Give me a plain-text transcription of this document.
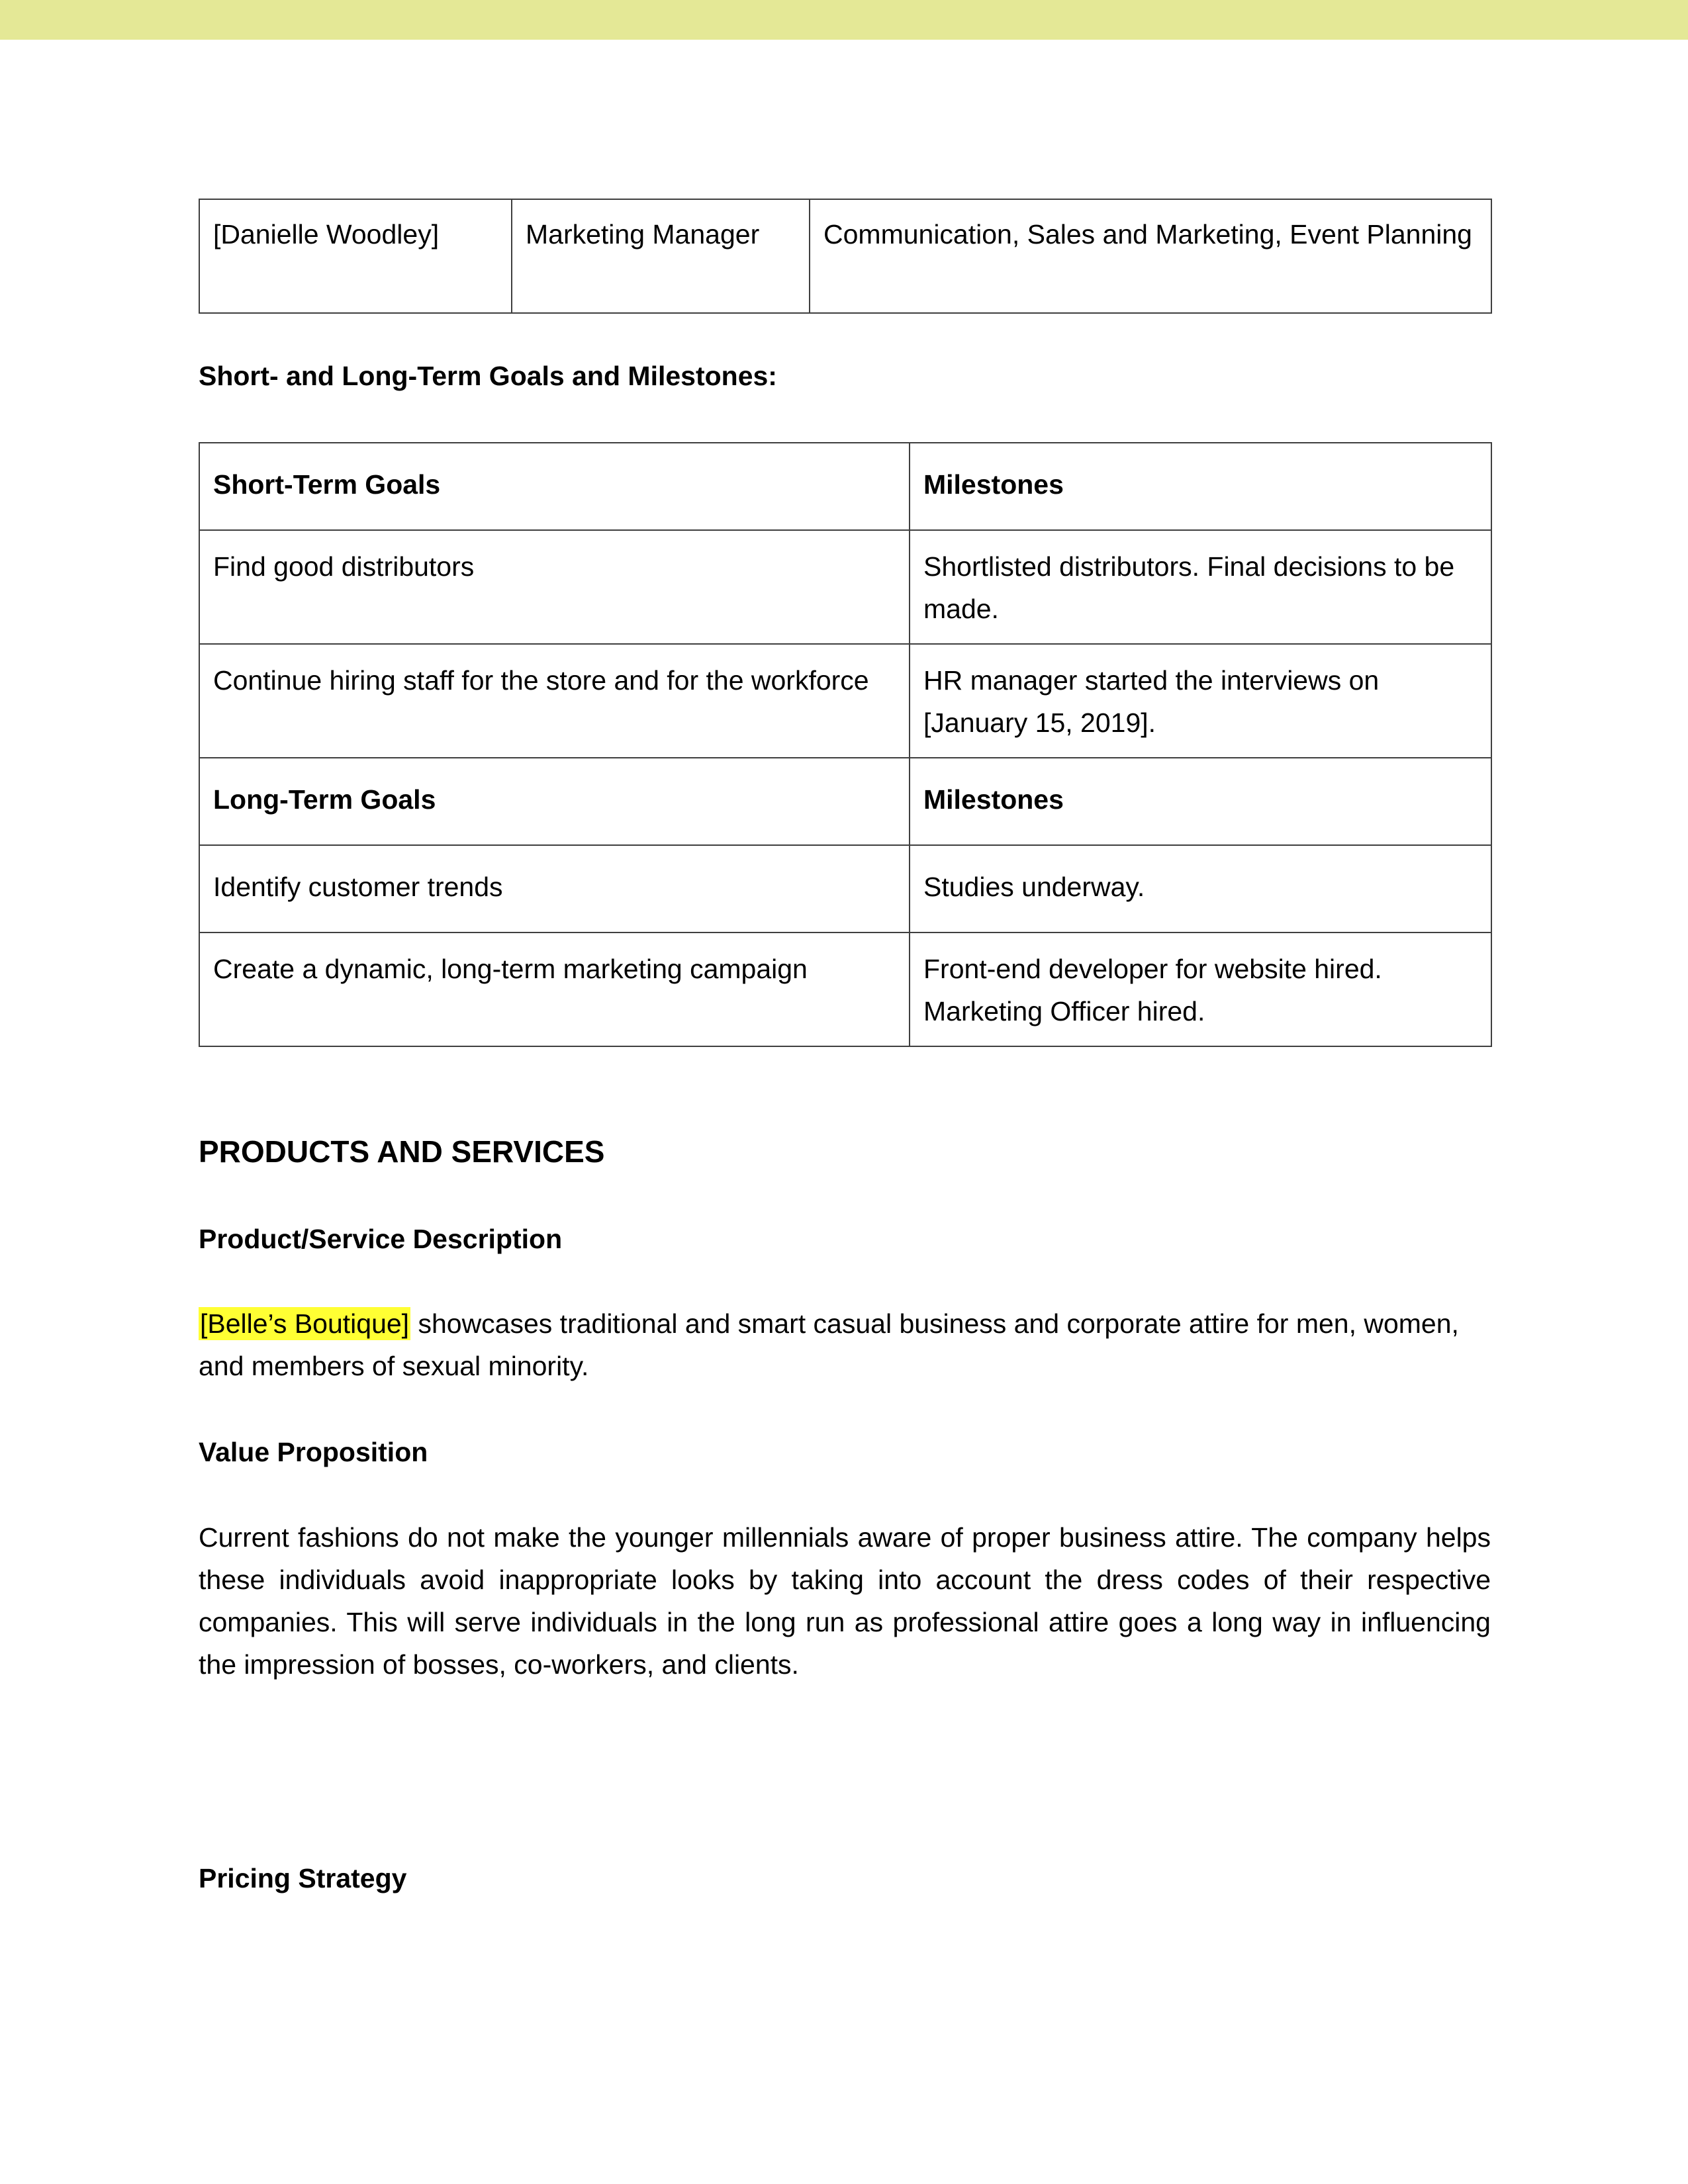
[Danielle Woodley]	Marketing Manager	Communication, Sales and Marketing, Event Planning
Short- and Long-Term Goals and Milestones:
Short-Term Goals	Milestones
Find good distributors	Shortlisted distributors. Final decisions to be made.
Continue hiring staff for the store and for the workforce	HR manager started the interviews on [January 15, 2019].
Long-Term Goals	Milestones
Identify customer trends	Studies underway.
Create a dynamic, long-term marketing campaign	Front-end developer for website hired. Marketing Officer hired.
PRODUCTS AND SERVICES
Product/Service Description
[Belle’s Boutique] showcases traditional and smart casual business and corporate attire for men, women, and members of sexual minority.
Value Proposition
Current fashions do not make the younger millennials aware of proper business attire. The company helps these individuals avoid inappropriate looks by taking into account the dress codes of their respective companies. This will serve individuals in the long run as professional attire goes a long way in influencing the impression of bosses, co-workers, and clients.
Pricing Strategy
